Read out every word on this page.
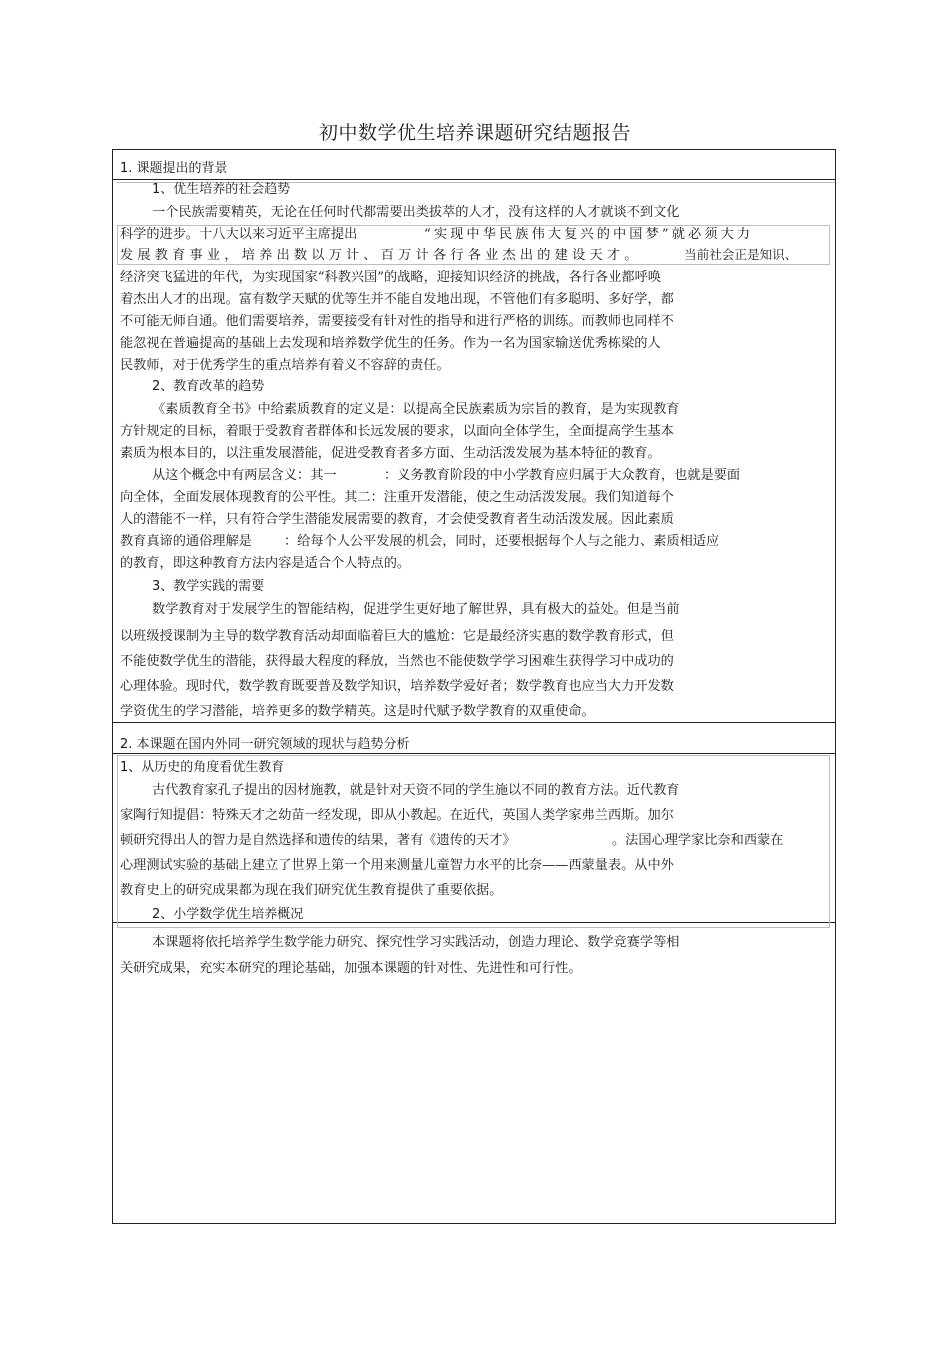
初中数学优生培养课题研究结题报告
1. 课题提出的背景
1、优生培养的社会趋势
一个民族需要精英，无论在任何时代都需要出类拔萃的人才，没有这样的人才就谈不到文化
科学的进步。十八大以来习近平主席提出	“实现中华民族伟大复兴的中国梦”就必须大力
发展教育事业，培养出数以万计、百万计各行各业杰出的建设天才。	当前社会正是知识、
经济突飞猛进的年代，为实现国家“科教兴国”的战略，迎接知识经济的挑战，各行各业都呼唤
着杰出人才的出现。富有数学天赋的优等生并不能自发地出现，不管他们有多聪明、多好学，都
不可能无师自通。他们需要培养，需要接受有针对性的指导和进行严格的训练。而教师也同样不
能忽视在普遍提高的基础上去发现和培养数学优生的任务。作为一名为国家输送优秀栋梁的人
民教师，对于优秀学生的重点培养有着义不容辞的责任。
2、教育改革的趋势
《素质教育全书》中给素质教育的定义是：以提高全民族素质为宗旨的教育，是为实现教育
方针规定的目标，着眼于受教育者群体和长远发展的要求，以面向全体学生，全面提高学生基本
素质为根本目的，以注重发展潜能，促进受教育者多方面、生动活泼发展为基本特征的教育。
从这个概念中有两层含义：其一	：义务教育阶段的中小学教育应归属于大众教育，也就是要面
向全体，全面发展体现教育的公平性。其二：注重开发潜能，使之生动活泼发展。我们知道每个
人的潜能不一样，只有符合学生潜能发展需要的教育，才会使受教育者生动活泼发展。因此素质
教育真谛的通俗理解是 ：给每个人公平发展的机会，同时，还要根据每个人与之能力、素质相适应
的教育，即这种教育方法内容是适合个人特点的。
3、教学实践的需要
数学教育对于发展学生的智能结构，促进学生更好地了解世界，具有极大的益处。但是当前
以班级授课制为主导的数学教育活动却面临着巨大的尴尬：它是最经济实惠的数学教育形式，但
不能使数学优生的潜能，获得最大程度的释放，当然也不能使数学学习困难生获得学习中成功的
心理体验。现时代，数学教育既要普及数学知识，培养数学爱好者；数学教育也应当大力开发数
学资优生的学习潜能，培养更多的数学精英。这是时代赋予数学教育的双重使命。
2. 本课题在国内外同一研究领域的现状与趋势分析
1、从历史的角度看优生教育
古代教育家孔子提出的因材施教，就是针对天资不同的学生施以不同的教育方法。近代教育
家陶行知提倡：特殊天才之幼苗一经发现，即从小教起。在近代，英国人类学家弗兰西斯。加尔
顿研究得出人的智力是自然选择和遗传的结果，著有《遗传的天才》	。法国心理学家比奈和西蒙在
心理测试实验的基础上建立了世界上第一个用来测量儿童智力水平的比奈——西蒙量表。从中外
教育史上的研究成果都为现在我们研究优生教育提供了重要依据。
2、小学数学优生培养概况
本课题将依托培养学生数学能力研究、探究性学习实践活动，创造力理论、数学竞赛学等相
关研究成果，充实本研究的理论基础，加强本课题的针对性、先进性和可行性。
